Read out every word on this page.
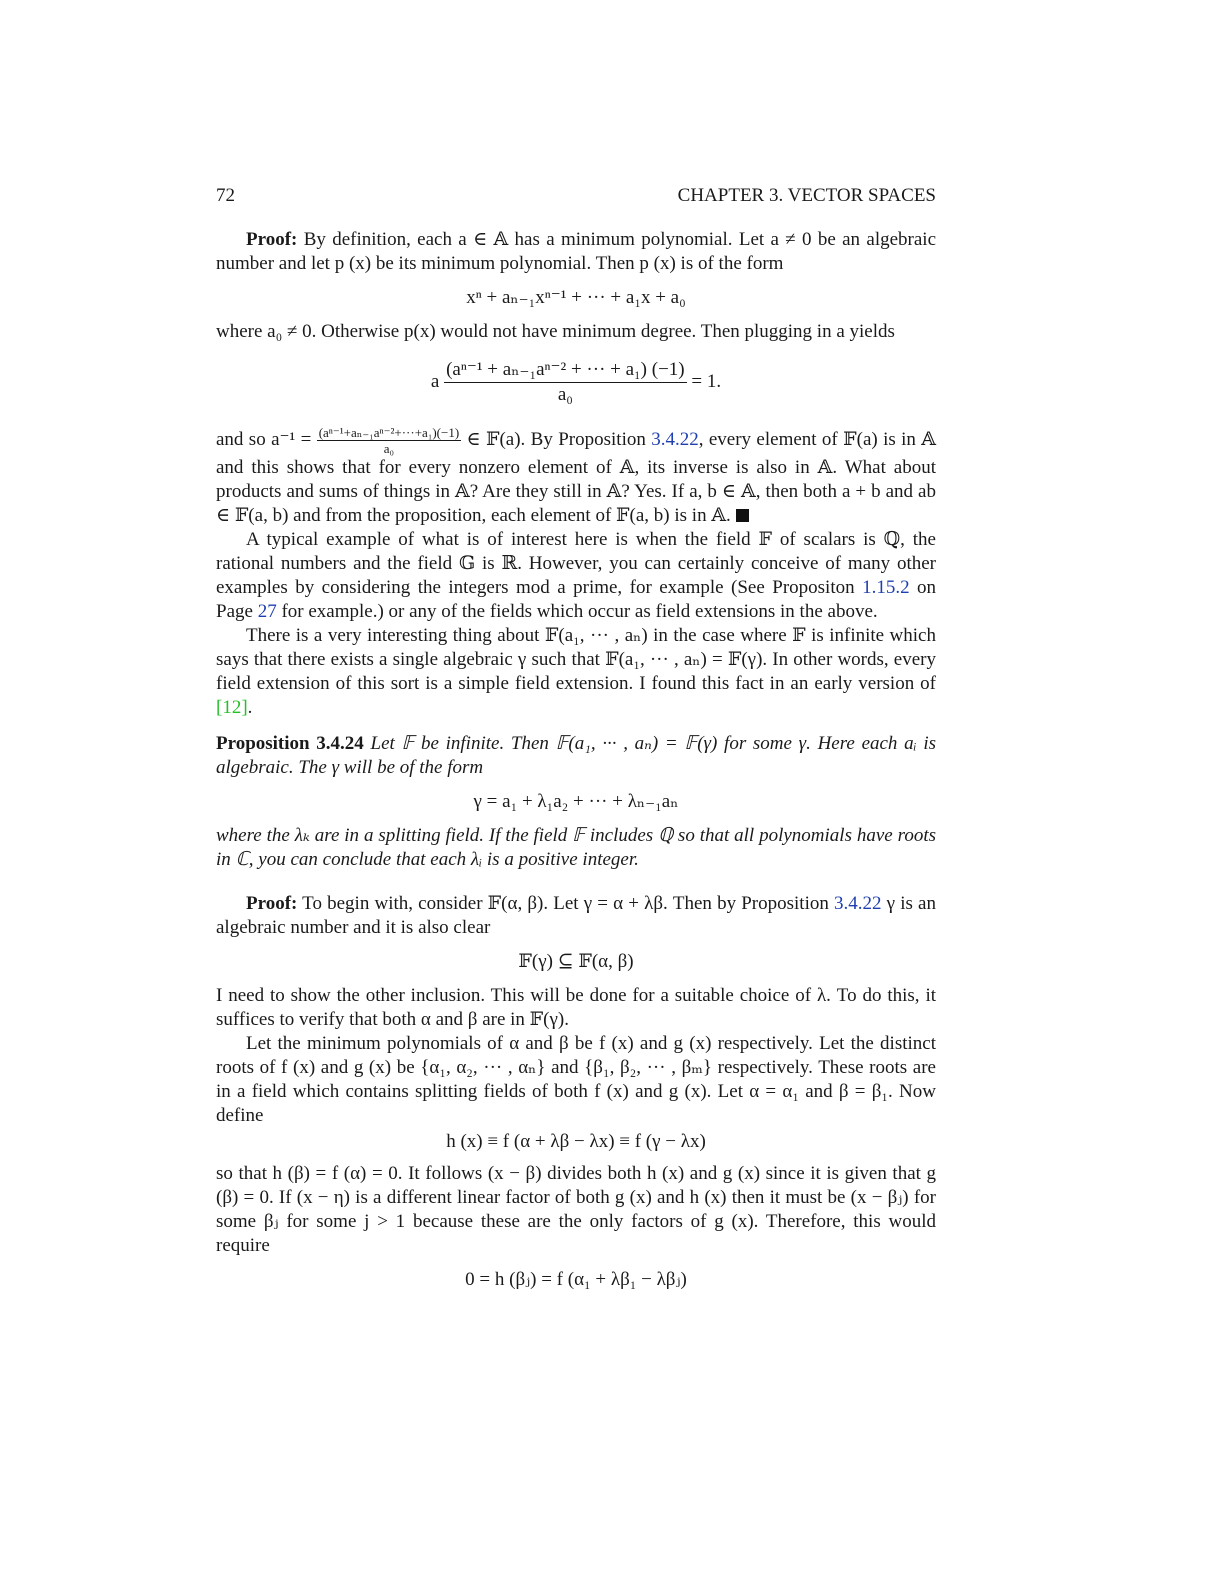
72	CHAPTER 3. VECTOR SPACES

Proof: By definition, each a ∈ 𝔸 has a minimum polynomial. Let a ≠ 0 be an algebraic number and let p (x) be its minimum polynomial. Then p (x) is of the form

xⁿ + aₙ₋₁xⁿ⁻¹ + ··· + a₁x + a₀

where a₀ ≠ 0. Otherwise p(x) would not have minimum degree. Then plugging in a yields

a $\frac{\text{(aⁿ⁻¹ + aₙ₋₁aⁿ⁻² + ··· + a₁) (−1)}}{\text{a₀}} = 1$.

and so $a^{-1} = \frac{\text{(aⁿ⁻¹+aₙ₋₁aⁿ⁻²+···+a₁)(−1)}}{\text{a₀}}$ ∈ 𝔽(a). By Proposition 3.4.22, every element of 𝔽(a) is in 𝔸 and this shows that for every nonzero element of 𝔸, its inverse is also in 𝔸. What about products and sums of things in 𝔸? Are they still in 𝔸? Yes. If a, b ∈ 𝔸, then both a + b and ab ∈ 𝔽(a, b) and from the proposition, each element of 𝔽(a, b) is in 𝔸.

A typical example of what is of interest here is when the field 𝔽 of scalars is ℚ, the rational numbers and the field 𝔾 is ℝ. However, you can certainly conceive of many other examples by considering the integers mod a prime, for example (See Propositon 1.15.2 on Page 27 for example.) or any of the fields which occur as field extensions in the above.

There is a very interesting thing about 𝔽(a₁, ··· , aₙ) in the case where 𝔽 is infinite which says that there exists a single algebraic γ such that 𝔽(a₁, ··· , aₙ) = 𝔽(γ). In other words, every field extension of this sort is a simple field extension. I found this fact in an early version of [12].

Proposition 3.4.24 Let 𝔽 be infinite. Then 𝔽(a₁, ··· , aₙ) = 𝔽(γ) for some γ. Here each aᵢ is algebraic. The γ will be of the form

γ = a₁ + λ₁a₂ + ··· + λₙ₋₁aₙ

where the λₖ are in a splitting field. If the field 𝔽 includes ℚ so that all polynomials have roots in ℂ, you can conclude that each λᵢ is a positive integer.

Proof: To begin with, consider 𝔽(α, β). Let γ = α + λβ. Then by Proposition 3.4.22 γ is an algebraic number and it is also clear

𝔽(γ) ⊆ 𝔽(α, β)

I need to show the other inclusion. This will be done for a suitable choice of λ. To do this, it suffices to verify that both α and β are in 𝔽(γ).

Let the minimum polynomials of α and β be f (x) and g (x) respectively. Let the distinct roots of f (x) and g (x) be {α₁, α₂, ··· , αₙ} and {β₁, β₂, ··· , βₘ} respectively. These roots are in a field which contains splitting fields of both f (x) and g (x). Let α = α₁ and β = β₁. Now define

h (x) ≡ f (α + λβ − λx) ≡ f (γ − λx)

so that h (β) = f (α) = 0. It follows (x − β) divides both h (x) and g (x) since it is given that g (β) = 0. If (x − η) is a different linear factor of both g (x) and h (x) then it must be (x − βⱼ) for some βⱼ for some j > 1 because these are the only factors of g (x). Therefore, this would require

0 = h (βⱼ) = f (α₁ + λβ₁ − λβⱼ)
